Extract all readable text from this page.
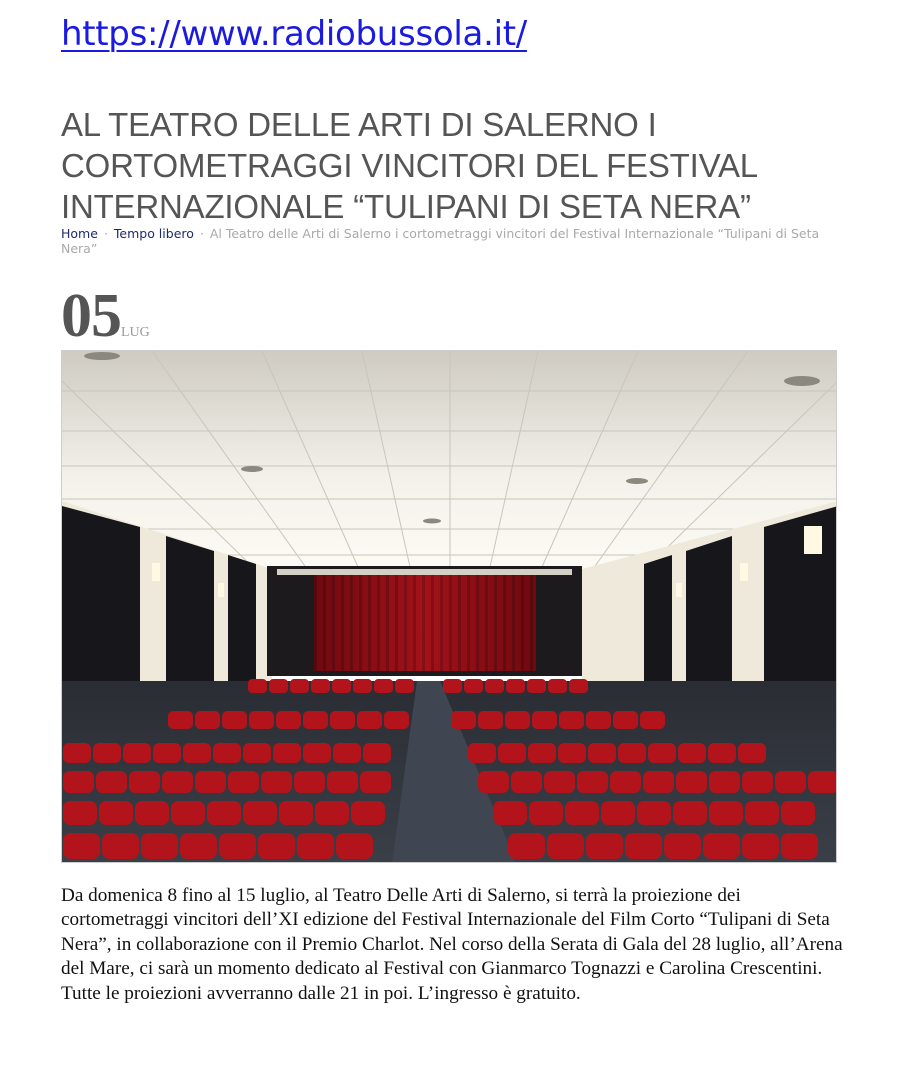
https://www.radiobussola.it/
AL TEATRO DELLE ARTI DI SALERNO I CORTOMETRAGGI VINCITORI DEL FESTIVAL INTERNAZIONALE “TULIPANI DI SETA NERA”
Home · Tempo libero · Al Teatro delle Arti di Salerno i cortometraggi vincitori del Festival Internazionale “Tulipani di Seta Nera”
05LUG

Da domenica 8 fino al 15 luglio, al Teatro Delle Arti di Salerno, si terrà la proiezione dei cortometraggi vincitori dell’XI edizione del Festival Internazionale del Film Corto “Tulipani di Seta Nera”, in collaborazione con il Premio Charlot. Nel corso della Serata di Gala del 28 luglio, all’Arena del Mare, ci sarà un momento dedicato al Festival con Gianmarco Tognazzi e Carolina Crescentini. Tutte le proiezioni avverranno dalle 21 in poi. L’ingresso è gratuito.
